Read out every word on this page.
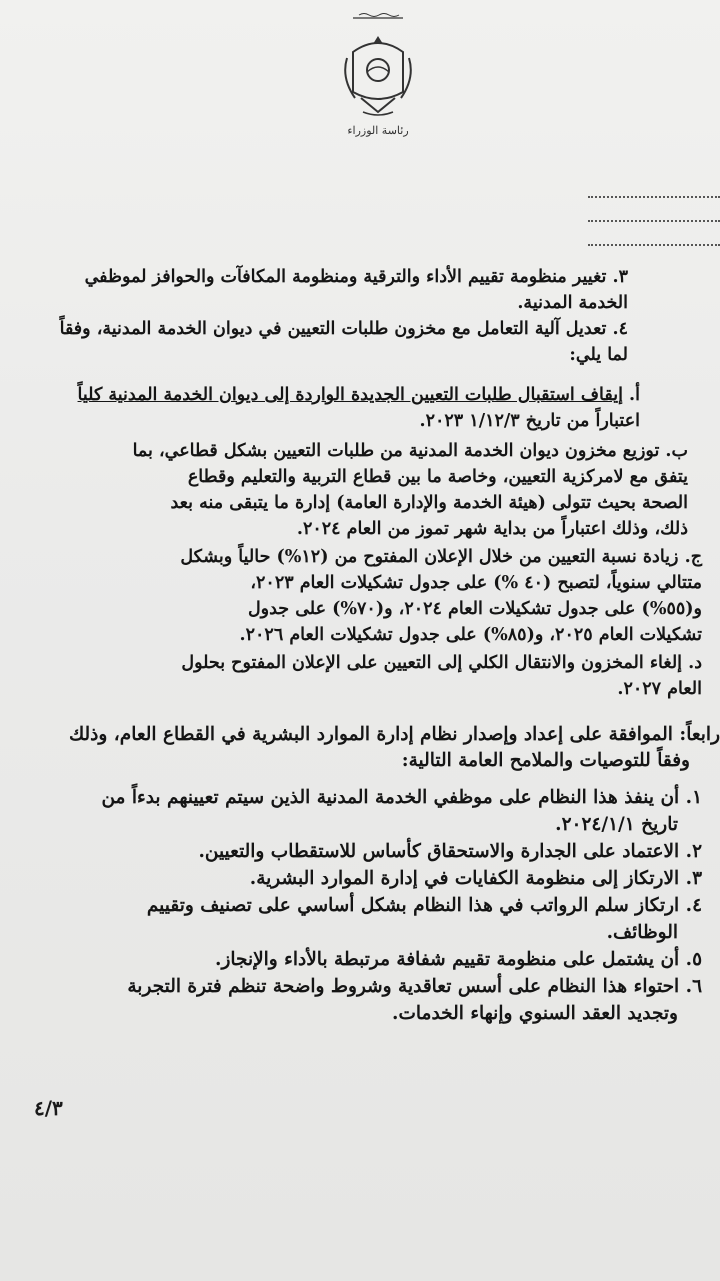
رئاسة الوزراء
٣. تغيير منظومة تقييم الأداء والترقية ومنظومة المكافآت والحوافز لموظفي
الخدمة المدنية.
٤. تعديل آلية التعامل مع مخزون طلبات التعيين في ديوان الخدمة المدنية، وفقاً
لما يلي:
أ. إيقاف استقبال طلبات التعيين الجديدة الواردة إلى ديوان الخدمة المدنية كلياً
اعتباراً من تاريخ ١/١٢/٣ ٢٠٢٣.
ب. توزيع مخزون ديوان الخدمة المدنية من طلبات التعيين بشكل قطاعي، بما
يتفق مع لامركزية التعيين، وخاصة ما بين قطاع التربية والتعليم وقطاع
الصحة بحيث تتولى (هيئة الخدمة والإدارة العامة) إدارة ما يتبقى منه بعد
ذلك، وذلك اعتباراً من بداية شهر تموز من العام ٢٠٢٤.
ج. زيادة نسبة التعيين من خلال الإعلان المفتوح من (١٢%) حالياً وبشكل
متتالي سنوياً، لتصبح (٤٠ %) على جدول تشكيلات العام ٢٠٢٣،
و(٥٥%) على جدول تشكيلات العام ٢٠٢٤، و(٧٠%) على جدول
تشكيلات العام ٢٠٢٥، و(٨٥%) على جدول تشكيلات العام ٢٠٢٦.
د. إلغاء المخزون والانتقال الكلي إلى التعيين على الإعلان المفتوح بحلول
العام ٢٠٢٧.
رابعاً: الموافقة على إعداد وإصدار نظام إدارة الموارد البشرية في القطاع العام، وذلك
وفقاً للتوصيات والملامح العامة التالية:
١. أن ينفذ هذا النظام على موظفي الخدمة المدنية الذين سيتم تعيينهم بدءاً من
تاريخ ٢٠٢٤/١/١.
٢. الاعتماد على الجدارة والاستحقاق كأساس للاستقطاب والتعيين.
٣. الارتكاز إلى منظومة الكفايات في إدارة الموارد البشرية.
٤. ارتكاز سلم الرواتب في هذا النظام بشكل أساسي على تصنيف وتقييم
الوظائف.
٥. أن يشتمل على منظومة تقييم شفافة مرتبطة بالأداء والإنجاز.
٦. احتواء هذا النظام على أسس تعاقدية وشروط واضحة تنظم فترة التجربة
وتجديد العقد السنوي وإنهاء الخدمات.
٤/٣
